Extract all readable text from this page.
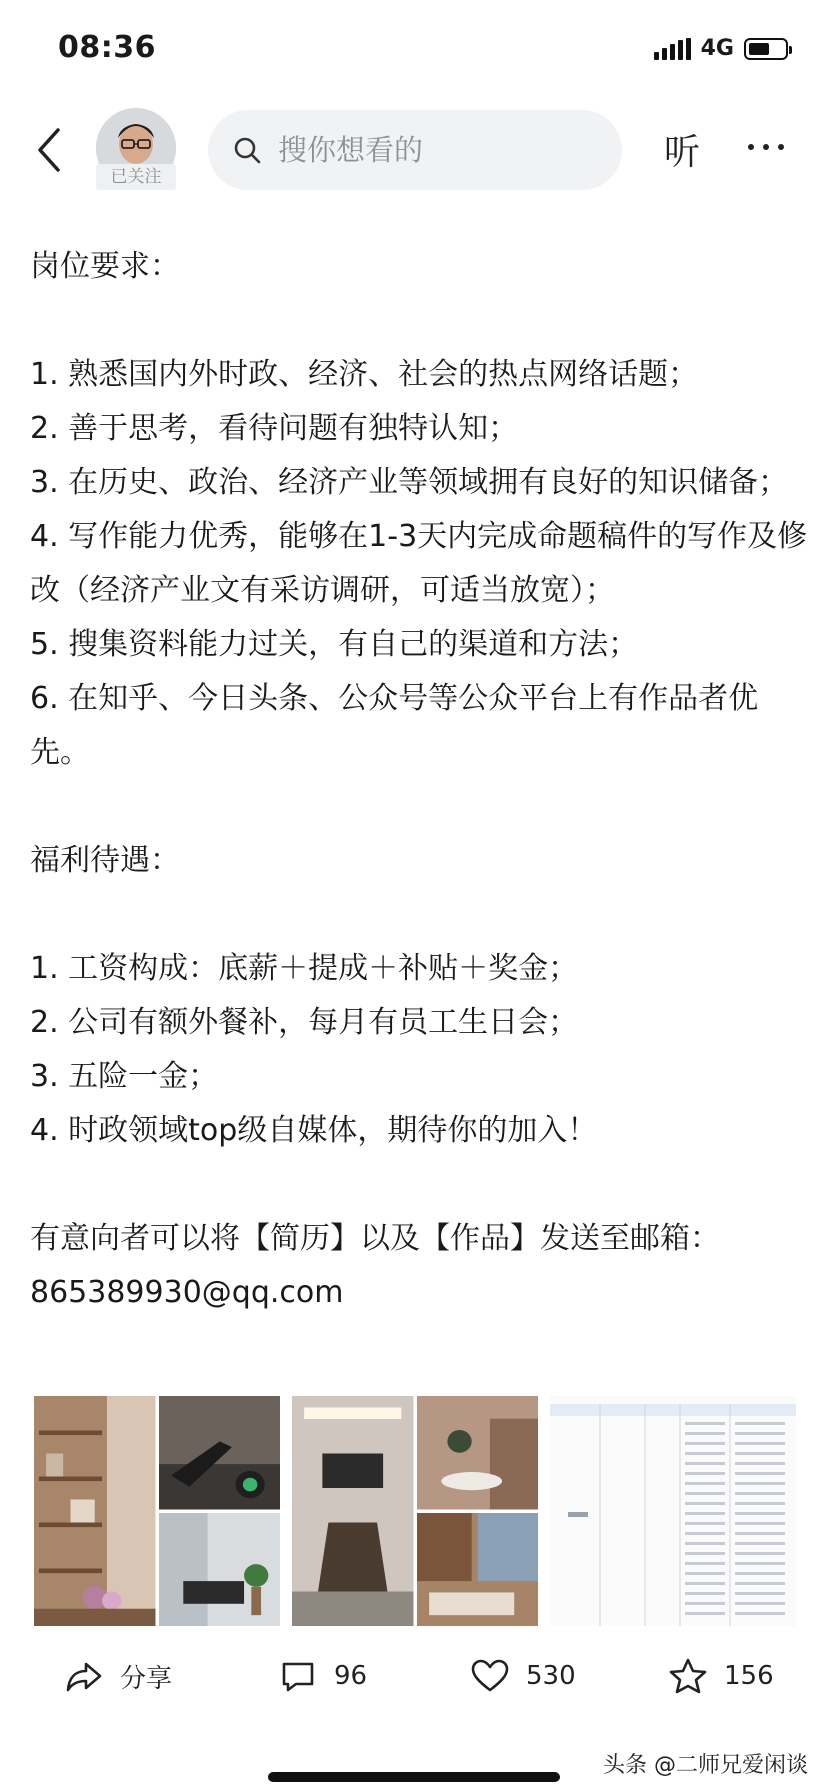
08:36	4G
已关注
搜你想看的
听

岗位要求：

1. 熟悉国内外时政、经济、社会的热点网络话题；

2. 善于思考，看待问题有独特认知；

3. 在历史、政治、经济产业等领域拥有良好的知识储备；

4. 写作能力优秀，能够在1-3天内完成命题稿件的写作及修改（经济产业文有采访调研，可适当放宽）；

5. 搜集资料能力过关，有自己的渠道和方法；

6. 在知乎、今日头条、公众号等公众平台上有作品者优先。

福利待遇：

1. 工资构成：底薪＋提成＋补贴＋奖金；

2. 公司有额外餐补，每月有员工生日会；

3. 五险一金；

4. 时政领域top级自媒体，期待你的加入！

有意向者可以将【简历】以及【作品】发送至邮箱：

865389930@qq.com

分享	96	530	156
头条 @二师兄爱闲谈
